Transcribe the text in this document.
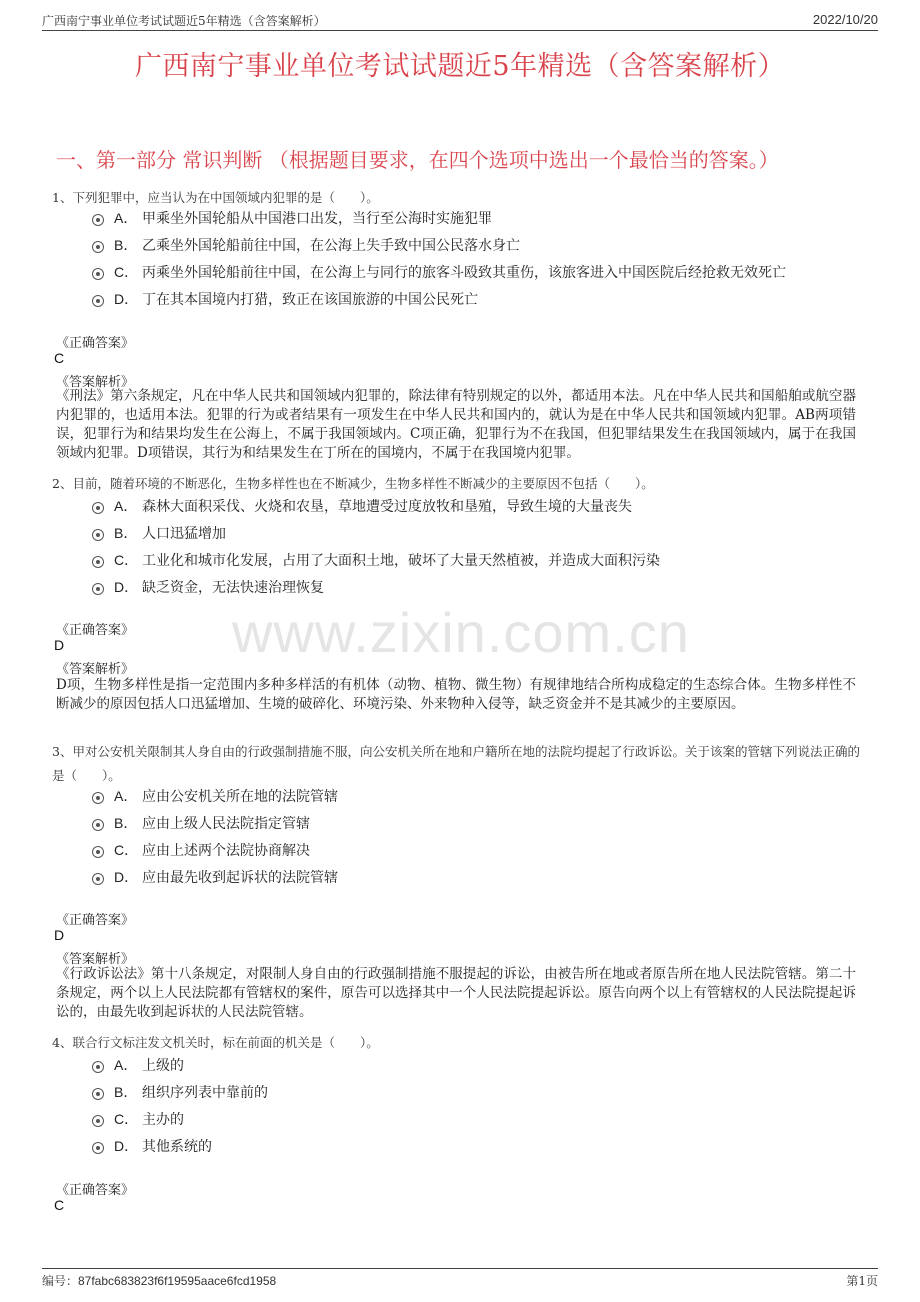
广西南宁事业单位考试试题近5年精选（含答案解析）	2022/10/20
广西南宁事业单位考试试题近5年精选（含答案解析）
一、第一部分 常识判断 （根据题目要求，在四个选项中选出一个最恰当的答案。）
www.zixin.com.cn
1、下列犯罪中，应当认为在中国领域内犯罪的是（　　）。
A． 甲乘坐外国轮船从中国港口出发，当行至公海时实施犯罪
B． 乙乘坐外国轮船前往中国，在公海上失手致中国公民落水身亡
C． 丙乘坐外国轮船前往中国，在公海上与同行的旅客斗殴致其重伤，该旅客进入中国医院后经抢救无效死亡
D． 丁在其本国境内打猎，致正在该国旅游的中国公民死亡
《正确答案》
C
《答案解析》
《刑法》第六条规定，凡在中华人民共和国领域内犯罪的，除法律有特别规定的以外，都适用本法。凡在中华人民共和国船舶或航空器内犯罪的，也适用本法。犯罪的行为或者结果有一项发生在中华人民共和国内的，就认为是在中华人民共和国领域内犯罪。AB两项错误，犯罪行为和结果均发生在公海上，不属于我国领域内。C项正确，犯罪行为不在我国，但犯罪结果发生在我国领域内，属于在我国领域内犯罪。D项错误，其行为和结果发生在丁所在的国境内，不属于在我国境内犯罪。
2、目前，随着环境的不断恶化，生物多样性也在不断减少，生物多样性不断减少的主要原因不包括（　　）。
A． 森林大面积采伐、火烧和农垦，草地遭受过度放牧和垦殖，导致生境的大量丧失
B． 人口迅猛增加
C． 工业化和城市化发展，占用了大面积土地，破坏了大量天然植被，并造成大面积污染
D． 缺乏资金，无法快速治理恢复
《正确答案》
D
《答案解析》
D项，生物多样性是指一定范围内多种多样活的有机体（动物、植物、微生物）有规律地结合所构成稳定的生态综合体。生物多样性不断减少的原因包括人口迅猛增加、生境的破碎化、环境污染、外来物种入侵等，缺乏资金并不是其减少的主要原因。
3、甲对公安机关限制其人身自由的行政强制措施不服，向公安机关所在地和户籍所在地的法院均提起了行政诉讼。关于该案的管辖下列说法正确的是（　　）。
A． 应由公安机关所在地的法院管辖
B． 应由上级人民法院指定管辖
C． 应由上述两个法院协商解决
D． 应由最先收到起诉状的法院管辖
《正确答案》
D
《答案解析》
《行政诉讼法》第十八条规定，对限制人身自由的行政强制措施不服提起的诉讼，由被告所在地或者原告所在地人民法院管辖。第二十条规定，两个以上人民法院都有管辖权的案件，原告可以选择其中一个人民法院提起诉讼。原告向两个以上有管辖权的人民法院提起诉讼的，由最先收到起诉状的人民法院管辖。
4、联合行文标注发文机关时，标在前面的机关是（　　）。
A． 上级的
B． 组织序列表中靠前的
C． 主办的
D． 其他系统的
《正确答案》
C
编号：87fabc683823f6f19595aace6fcd1958	第1页
